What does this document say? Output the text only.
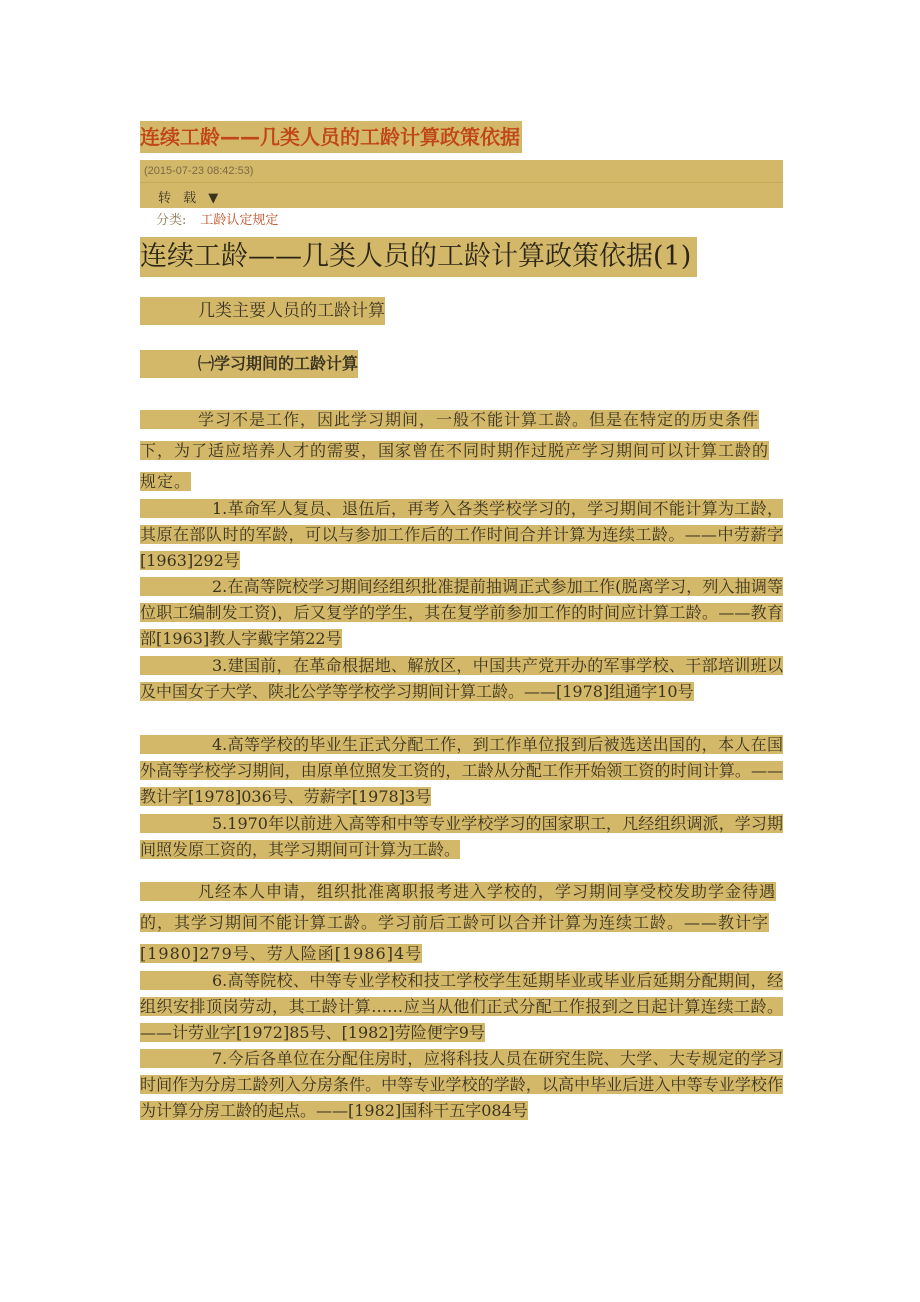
连续工龄——几类人员的工龄计算政策依据
(2015-07-23 08:42:53)
转 载 ▼
分类: 工龄认定规定
连续工龄——几类人员的工龄计算政策依据(1)
几类主要人员的工龄计算
㈠学习期间的工龄计算
学习不是工作，因此学习期间，一般不能计算工龄。但是在特定的历史条件下，为了适应培养人才的需要，国家曾在不同时期作过脱产学习期间可以计算工龄的规定。
1.革命军人复员、退伍后，再考入各类学校学习的，学习期间不能计算为工龄，其原在部队时的军龄，可以与参加工作后的工作时间合并计算为连续工龄。——中劳薪字[1963]292号
2.在高等院校学习期间经组织批准提前抽调正式参加工作(脱离学习，列入抽调等位职工编制发工资)，后又复学的学生，其在复学前参加工作的时间应计算工龄。——教育部[1963]教人字戴字第22号
3.建国前，在革命根据地、解放区，中国共产党开办的军事学校、干部培训班以及中国女子大学、陕北公学等学校学习期间计算工龄。——[1978]组通字10号
4.高等学校的毕业生正式分配工作，到工作单位报到后被选送出国的，本人在国外高等学校学习期间，由原单位照发工资的，工龄从分配工作开始领工资的时间计算。——教计字[1978]036号、劳薪字[1978]3号
5.1970年以前进入高等和中等专业学校学习的国家职工，凡经组织调派，学习期间照发原工资的，其学习期间可计算为工龄。
凡经本人申请，组织批准离职报考进入学校的，学习期间享受校发助学金待遇的，其学习期间不能计算工龄。学习前后工龄可以合并计算为连续工龄。——教计字[1980]279号、劳人险函[1986]4号
6.高等院校、中等专业学校和技工学校学生延期毕业或毕业后延期分配期间，经组织安排顶岗劳动，其工龄计算……应当从他们正式分配工作报到之日起计算连续工龄。——计劳业字[1972]85号、[1982]劳险便字9号
7.今后各单位在分配住房时，应将科技人员在研究生院、大学、大专规定的学习时间作为分房工龄列入分房条件。中等专业学校的学龄，以高中毕业后进入中等专业学校作为计算分房工龄的起点。——[1982]国科干五字084号
